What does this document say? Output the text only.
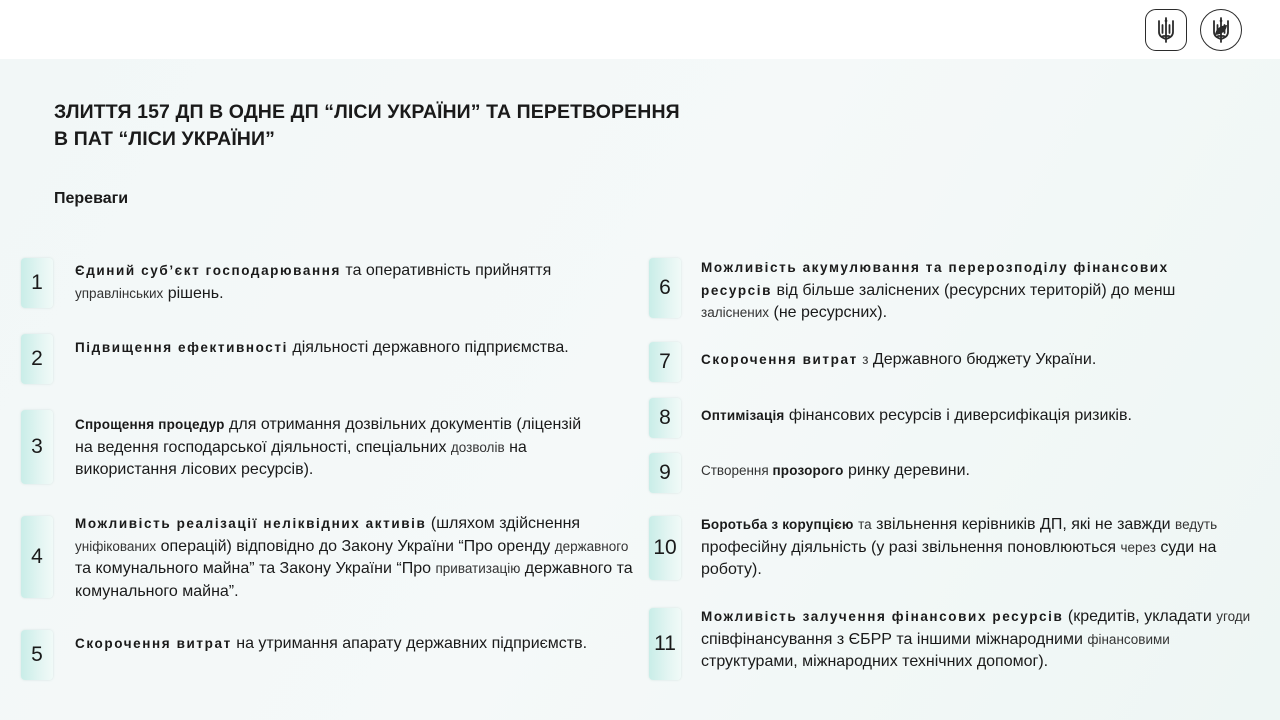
ЗЛИТТЯ 157 ДП В ОДНЕ ДП “ЛІСИ УКРАЇНИ” ТА ПЕРЕТВОРЕННЯ
В ПАТ “ЛІСИ УКРАЇНИ”
Переваги
1
Єдиний суб’єкт господарювання та оперативність прийняття управлінських рішень.
2	Підвищення ефективності діяльності державного підприємства.
3
Спрощення процедур для отримання дозвільних документів (ліцензій на ведення господарської діяльності, спеціальних дозволів на використання лісових ресурсів).
4
Можливість реалізації неліквідних активів (шляхом здійснення уніфікованих операцій) відповідно до Закону України “Про оренду державного та комунального майна” та Закону України “Про приватизацію державного та комунального майна”.
5	Скорочення витрат на утримання апарату державних підприємств.
6
Можливість акумулювання та перерозподілу фінансових ресурсів від більше заліснених (ресурсних територій) до менш заліснених (не ресурсних).
7	Скорочення витрат з Державного бюджету України.
8	Оптимізація фінансових ресурсів і диверсифікація ризиків.
9	Створення прозорого ринку деревини.
10
Боротьба з корупцією та звільнення керівників ДП, які не завжди ведуть професійну діяльність (у разі звільнення поновлюються через суди на роботу).
11
Можливість залучення фінансових ресурсів (кредитів, укладати угоди співфінансування з ЄБРР та іншими міжнародними фінансовими структурами, міжнародних технічних допомог).
